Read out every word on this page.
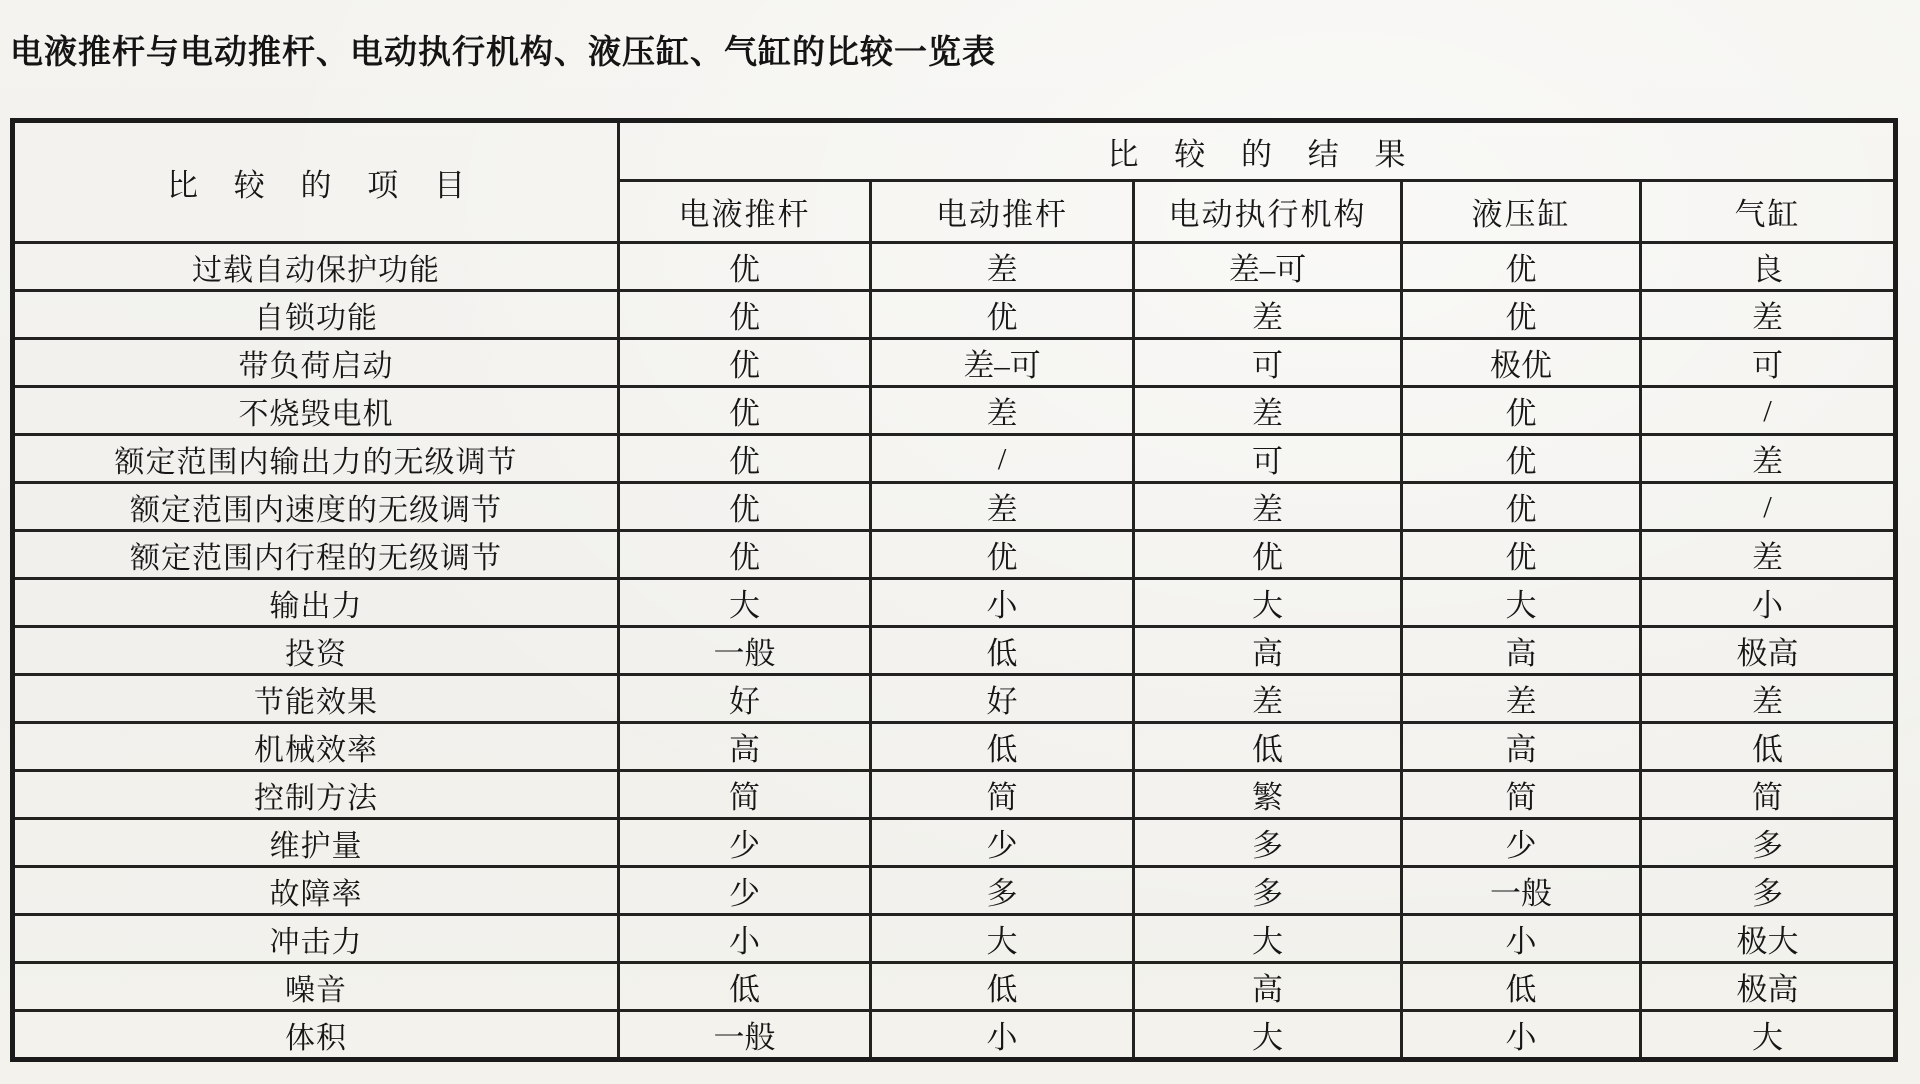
电液推杆与电动推杆、电动执行机构、液压缸、气缸的比较一览表
比 较 的 项 目	比 较 的 结 果				
	电液推杆	电动推杆	电动执行机构	液压缸	气缸
过载自动保护功能	优	差	差–可	优	良
自锁功能	优	优	差	优	差
带负荷启动	优	差–可	可	极优	可
不烧毁电机	优	差	差	优	/
额定范围内输出力的无级调节	优	/	可	优	差
额定范围内速度的无级调节	优	差	差	优	/
额定范围内行程的无级调节	优	优	优	优	差
输出力	大	小	大	大	小
投资	一般	低	高	高	极高
节能效果	好	好	差	差	差
机械效率	高	低	低	高	低
控制方法	简	简	繁	简	简
维护量	少	少	多	少	多
故障率	少	多	多	一般	多
冲击力	小	大	大	小	极大
噪音	低	低	高	低	极高
体积	一般	小	大	小	大
